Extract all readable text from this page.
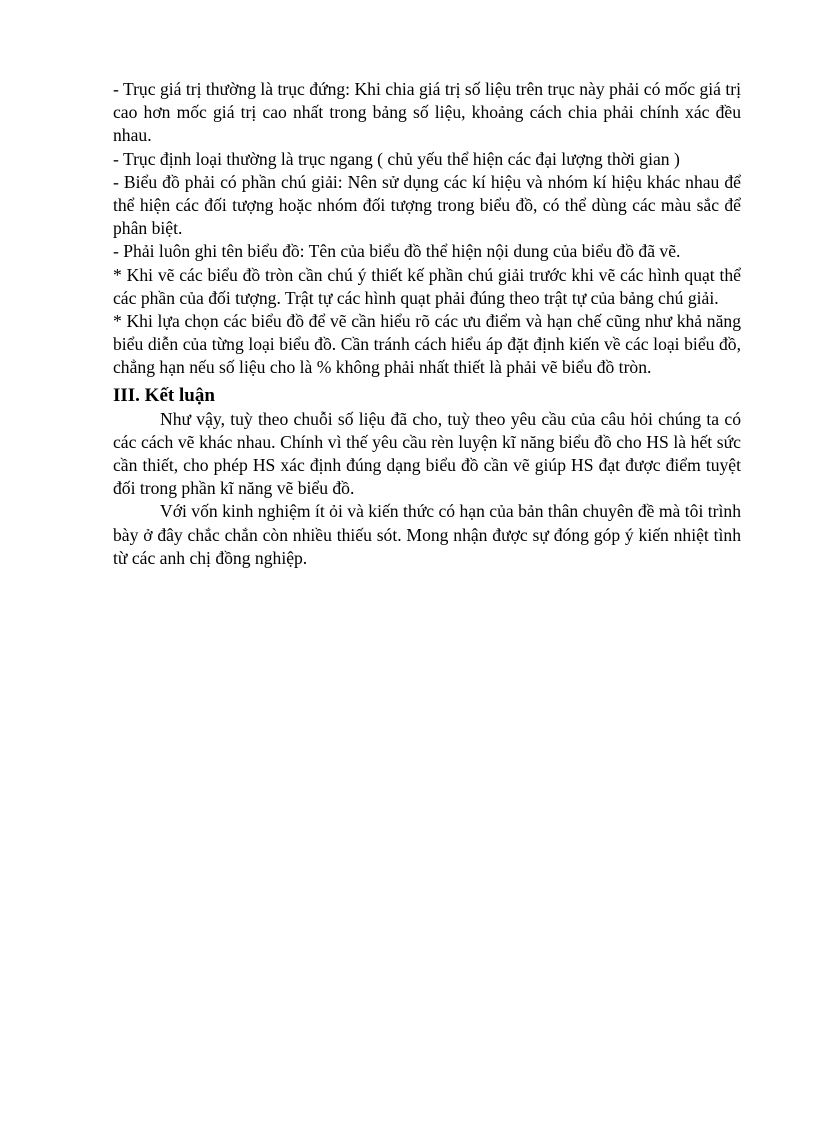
- Trục giá trị thường là trục đứng: Khi chia giá trị số liệu trên trục này phải có mốc giá trị cao hơn mốc giá trị cao nhất trong bảng số liệu, khoảng cách chia phải chính xác đều nhau.

- Trục định loại thường là trục ngang ( chủ yếu thể hiện các đại lượng thời gian )

- Biểu đồ phải có phần chú giải: Nên sử dụng các kí hiệu và nhóm kí hiệu khác nhau để thể hiện các đối tượng hoặc nhóm đối tượng trong biểu đồ, có thể dùng các màu sắc để phân biệt.

- Phải luôn ghi tên biểu đồ: Tên của biểu đồ thể hiện nội dung của biểu đồ đã vẽ.

* Khi vẽ các biểu đồ tròn cần chú ý thiết kế phần chú giải trước khi vẽ các hình quạt thể các phần của đối tượng. Trật tự các hình quạt phải đúng theo trật tự của bảng chú giải.

* Khi lựa chọn các biểu đồ để vẽ cần hiểu rõ các ưu điểm và hạn chế cũng như khả năng biểu diễn của từng loại biểu đồ. Cần tránh cách hiểu áp đặt định kiến về các loại biểu đồ, chẳng hạn nếu số liệu cho là % không phải nhất thiết là phải vẽ biểu đồ tròn.

III. Kết luận

Như vậy, tuỳ theo chuỗi số liệu đã cho, tuỳ theo yêu cầu của câu hỏi chúng ta có các cách vẽ khác nhau. Chính vì thế yêu cầu rèn luyện kĩ năng biểu đồ cho HS là hết sức cần thiết, cho phép HS xác định đúng dạng biểu đồ cần vẽ giúp HS đạt được điểm tuyệt đối trong phần kĩ năng vẽ biểu đồ.

Với vốn kinh nghiệm ít ỏi và kiến thức có hạn của bản thân chuyên đề mà tôi trình bày ở đây chắc chắn còn nhiều thiếu sót. Mong nhận được sự đóng góp ý kiến nhiệt tình từ các anh chị đồng nghiệp.
